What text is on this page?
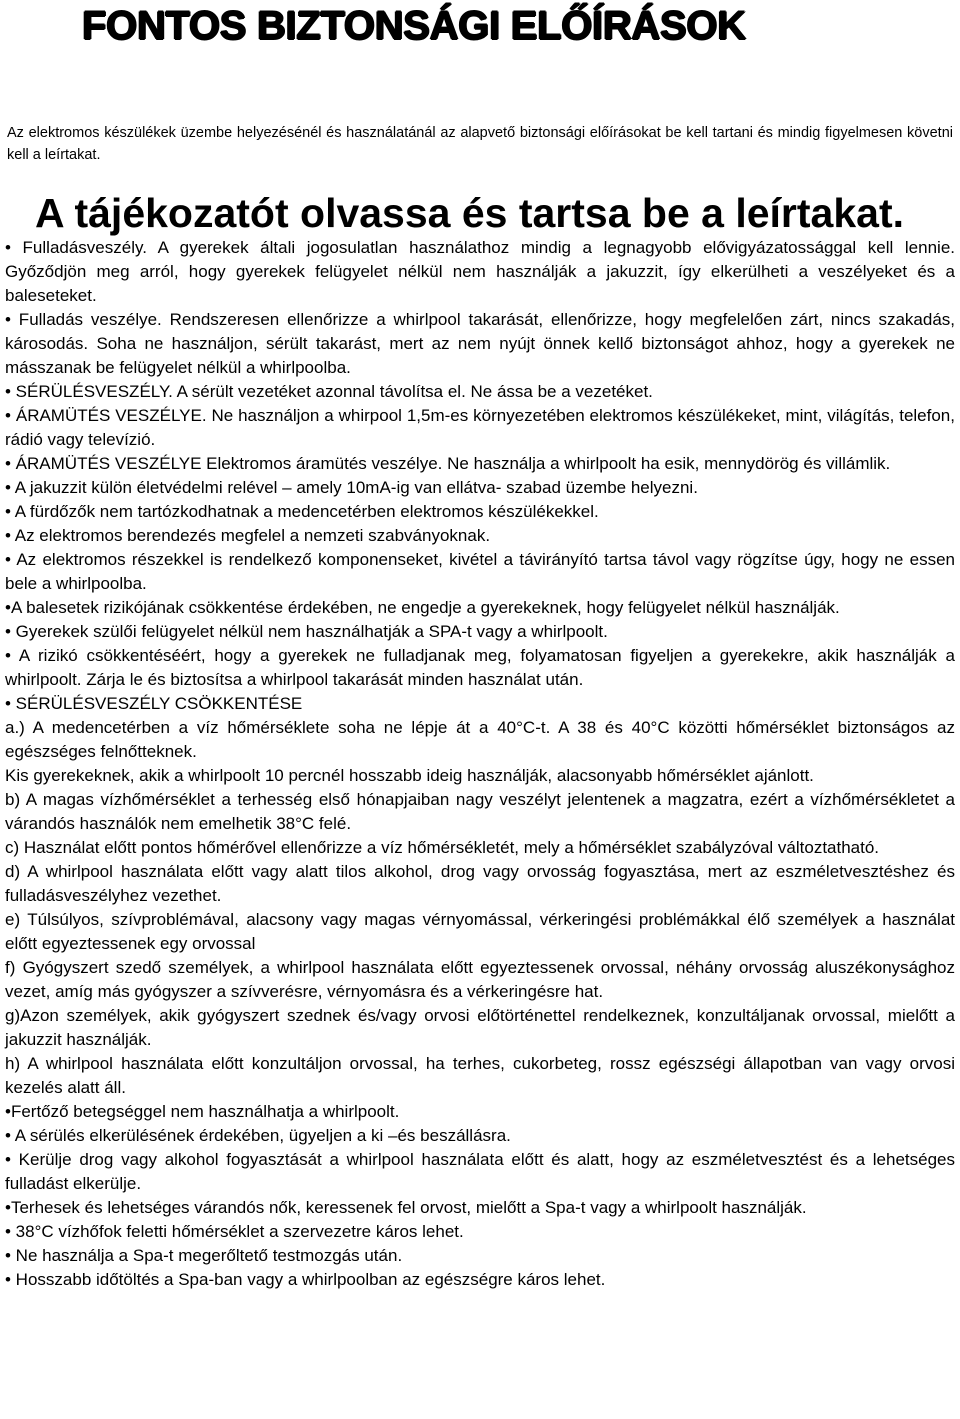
FONTOS BIZTONSÁGI ELŐÍRÁSOK

Az elektromos készülékek üzembe helyezésénél és használatánál az alapvető biztonsági előírásokat be kell tartani és mindig figyelmesen követni kell a leírtakat.

A tájékozatót olvassa és tartsa be a leírtakat.

• Fulladásveszély. A gyerekek általi jogosulatlan használathoz mindig a legnagyobb elővigyázatossággal kell lennie. Győződjön meg arról, hogy gyerekek felügyelet nélkül nem használják a jakuzzit, így elkerülheti a veszélyeket és a baleseteket.

• Fulladás veszélye. Rendszeresen ellenőrizze a whirlpool takarását, ellenőrizze, hogy megfelelően zárt, nincs szakadás, károsodás. Soha ne használjon, sérült takarást, mert az nem nyújt önnek kellő biztonságot ahhoz, hogy a gyerekek ne másszanak be felügyelet nélkül a whirlpoolba.

• SÉRÜLÉSVESZÉLY. A sérült vezetéket azonnal távolítsa el. Ne ássa be a vezetéket.

• ÁRAMÜTÉS VESZÉLYE. Ne használjon a whirpool 1,5m-es környezetében elektromos készülékeket, mint, világítás, telefon, rádió vagy televízió.

• ÁRAMÜTÉS VESZÉLYE Elektromos áramütés veszélye. Ne használja a whirlpoolt ha esik, mennydörög és villámlik.

• A jakuzzit külön életvédelmi relével – amely 10mA-ig van ellátva- szabad üzembe helyezni.

• A fürdőzők nem tartózkodhatnak a medencetérben elektromos készülékekkel.

• Az elektromos berendezés megfelel a nemzeti szabványoknak.

• Az elektromos részekkel is rendelkező komponenseket, kivétel a távirányító tartsa távol vagy rögzítse úgy, hogy ne essen bele a whirlpoolba.

•A balesetek rizikójának csökkentése érdekében, ne engedje a gyerekeknek, hogy felügyelet nélkül használják.

• Gyerekek szülői felügyelet nélkül nem használhatják a SPA-t vagy a whirlpoolt.

• A rizikó csökkentéséért, hogy a gyerekek ne fulladjanak meg, folyamatosan figyeljen a gyerekekre, akik használják a whirlpoolt. Zárja le és biztosítsa a whirlpool takarását minden használat után.

• SÉRÜLÉSVESZÉLY CSÖKKENTÉSE

a.) A medencetérben a víz hőmérséklete soha ne lépje át a 40°C-t. A 38 és 40°C közötti hőmérséklet biztonságos az egészséges felnőtteknek.

Kis gyerekeknek, akik a whirlpoolt 10 percnél hosszabb ideig használják, alacsonyabb hőmérséklet ajánlott.

b) A magas vízhőmérséklet a terhesség első hónapjaiban nagy veszélyt jelentenek a magzatra, ezért a vízhőmérsékletet a várandós használók nem emelhetik 38°C felé.

c) Használat előtt pontos hőmérővel ellenőrizze a víz hőmérsékletét, mely a hőmérséklet szabályzóval változtatható.

d) A whirlpool használata előtt vagy alatt tilos alkohol, drog vagy orvosság fogyasztása, mert az eszméletvesztéshez és fulladásveszélyhez vezethet.

e) Túlsúlyos, szívproblémával, alacsony vagy magas vérnyomással, vérkeringési problémákkal élő személyek a használat előtt egyeztessenek egy orvossal

f) Gyógyszert szedő személyek, a whirlpool használata előtt egyeztessenek orvossal, néhány orvosság aluszékonysághoz vezet, amíg más gyógyszer a szívverésre, vérnyomásra és a vérkeringésre hat.

g)Azon személyek, akik gyógyszert szednek és/vagy orvosi előtörténettel rendelkeznek, konzultáljanak orvossal, mielőtt a jakuzzit használják.

h) A whirlpool használata előtt konzultáljon orvossal, ha terhes, cukorbeteg, rossz egészségi állapotban van vagy orvosi kezelés alatt áll.

•Fertőző betegséggel nem használhatja a whirlpoolt.

• A sérülés elkerülésének érdekében, ügyeljen a ki –és beszállásra.

• Kerülje drog vagy alkohol fogyasztását a whirlpool használata előtt és alatt, hogy az eszméletvesztést és a lehetséges fulladást elkerülje.

•Terhesek és lehetséges várandós nők, keressenek fel orvost, mielőtt a Spa-t vagy a whirlpoolt használják.

• 38°C vízhőfok feletti hőmérséklet a szervezetre káros lehet.

• Ne használja a Spa-t megerőltető testmozgás után.

• Hosszabb időtöltés a Spa-ban vagy a whirlpoolban az egészségre káros lehet.
